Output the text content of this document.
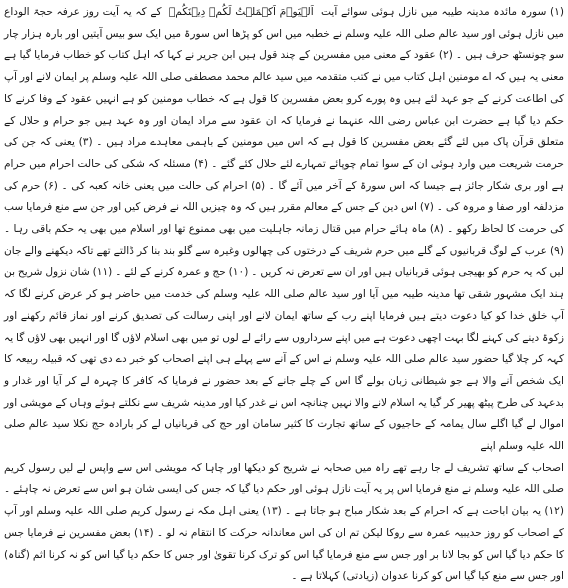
(۱) سورہ مائدہ مدینہ طیبہ میں نازل ہوئی سوائے آیت  اَلۡیَوۡمَ اَکۡمَلۡتُ لَکُمۡ دِیۡنَکُمۡ  کے کہ یہ آیت روز عرفہ حجۃ الوداع میں نازل ہوئی اور سید عالم صلی اللہ علیہ وسلم نے خطبہ میں اس کو پڑھا اس سورۃ میں ایک سو بیس آیتیں اور بارہ ہزار چار سو چونسٹھ حرف ہیں ۔ (۲) عقود کے معنی میں مفسرین کے چند قول ہیں ابن جریر نے کہا کہ اہل کتاب کو خطاب فرمایا گیا ہے معنی یہ ہیں کہ اے مومنین اہل کتاب میں نے کتب متقدمہ میں سید عالم محمد مصطفی صلی اللہ علیہ وسلم پر ایمان لانے اور آپ کی اطاعت کرنے کے جو عہد لئے ہیں وہ پورے کرو بعض مفسرین کا قول ہے کہ خطاب مومنین کو ہے انہیں عقود کے وفا کرنے کا حکم دیا گیا ہے حضرت ابن عباس رضی اللہ عنہما نے فرمایا کہ ان عقود سے مراد ایمان اور وہ عہد ہیں جو حرام و حلال کے متعلق قرآن پاک میں لئے گئے بعض مفسرین کا قول ہے کہ اس میں مومنین کے باہمی معاہدے مراد ہیں ۔ (۳) یعنی کہ جن کی حرمت شریعت میں وارد ہوئی ان کے سوا تمام چوپائے تمہارے لئے حلال کئے گئے ۔ (۴) مسئلہ کہ شکی کی حالت احرام میں حرام ہے اور بری شکار جائز ہے جیسا کہ اس سورۃ کے آخر میں آئے گا ۔ (۵) احرام کی حالت میں یعنی خانہ کعبہ کی ۔ (۶) حرم کی مزدلفہ اور صفا و مروہ کی ۔ (۷) اس دین کے جس کے معالم مقرر ہیں کہ وہ چیزیں اللہ نے فرض کیں اور جن سے منع فرمایا سب کی حرمت کا لحاظ رکھو ۔ (۸) ماہ ہائے حرام میں قتال زمانہ جاہلیت میں بھی ممنوع تھا اور اسلام میں بھی یہ حکم باقی رہا ۔ (۹) عرب کے لوگ قربانیوں کے گلے میں حرم شریف کے درختوں کی چھالوں وغیرہ سے گلو بند بنا کر ڈالتے تھے تاکہ دیکھنے والے جان لیں کہ یہ حرم کو بھیجی ہوئی قربانیاں ہیں اور ان سے تعرض نہ کریں ۔ (۱۰) حج و عمرہ کرنے کے لئے ۔ (۱۱) شان نزول شریح بن ہند ایک مشہور شقی تھا مدینہ طیبہ میں آیا اور سید عالم صلی اللہ علیہ وسلم کی خدمت میں حاضر ہو کر عرض کرنے لگا کہ آپ خلق خدا کو کیا دعوت دیتے ہیں فرمایا اپنے رب کے ساتھ ایمان لانے اور اپنی رسالت کی تصدیق کرنے اور نماز قائم رکھنے اور زکوۃ دینے کی کہنے لگا بہت اچھی دعوت ہے میں اپنے سرداروں سے رائے لے لوں تو میں بھی اسلام لاؤں گا اور انہیں بھی لاؤں گا یہ کہہ کر چلا گیا حضور سید عالم صلی اللہ علیہ وسلم نے اس کے آنے سے پہلے ہی اپنے اصحاب کو خبر دے دی تھی کہ قبیلہ ربیعہ کا ایک شخص آنے والا ہے جو شیطانی زبان بولے گا اس کے چلے جانے کے بعد حضور نے فرمایا کہ کافر کا چہرہ لے کر آیا اور غدار و بدعہد کی طرح پیٹھ پھیر کر گیا یہ اسلام لانے والا نہیں چنانچہ اس نے غدر کیا اور مدینہ شریف سے نکلتے ہوئے وہاں کے مویشی اور اموال لے گیا اگلے سال یمامہ کے حاجیوں کے ساتھ تجارت کا کثیر سامان اور حج کی قربانیاں لے کر بارادہ حج نکلا سید عالم صلی اللہ علیہ وسلم اپنے

اصحاب کے ساتھ تشریف لے جا رہے تھے راہ میں صحابہ نے شریح کو دیکھا اور چاہا کہ مویشی اس سے واپس لے لیں رسول کریم صلی اللہ علیہ وسلم نے منع فرمایا اس پر یہ آیت نازل ہوئی اور حکم دیا گیا کہ جس کی ایسی شان ہو اس سے تعرض نہ چاہئے ۔ (۱۲) یہ بیان اباحت ہے کہ احرام کے بعد شکار مباح ہو جاتا ہے ۔ (۱۳) یعنی اہل مکہ نے رسول کریم صلی اللہ علیہ وسلم اور آپ کے اصحاب کو روز حدیبیہ عمرہ سے روکا لیکن تم ان کی اس معاندانہ حرکت کا انتقام نہ لو ۔ (۱۴) بعض مفسرین نے فرمایا جس کا حکم دیا گیا اس کو بجا لانا بر اور جس سے منع فرمایا گیا اس کو ترک کرنا تقویٰ اور جس کا حکم دیا گیا اس کو نہ کرنا اثم (گناہ) اور جس سے منع کیا گیا اس کو کرنا عدوان (زیادتی) کہلاتا ہے ۔
